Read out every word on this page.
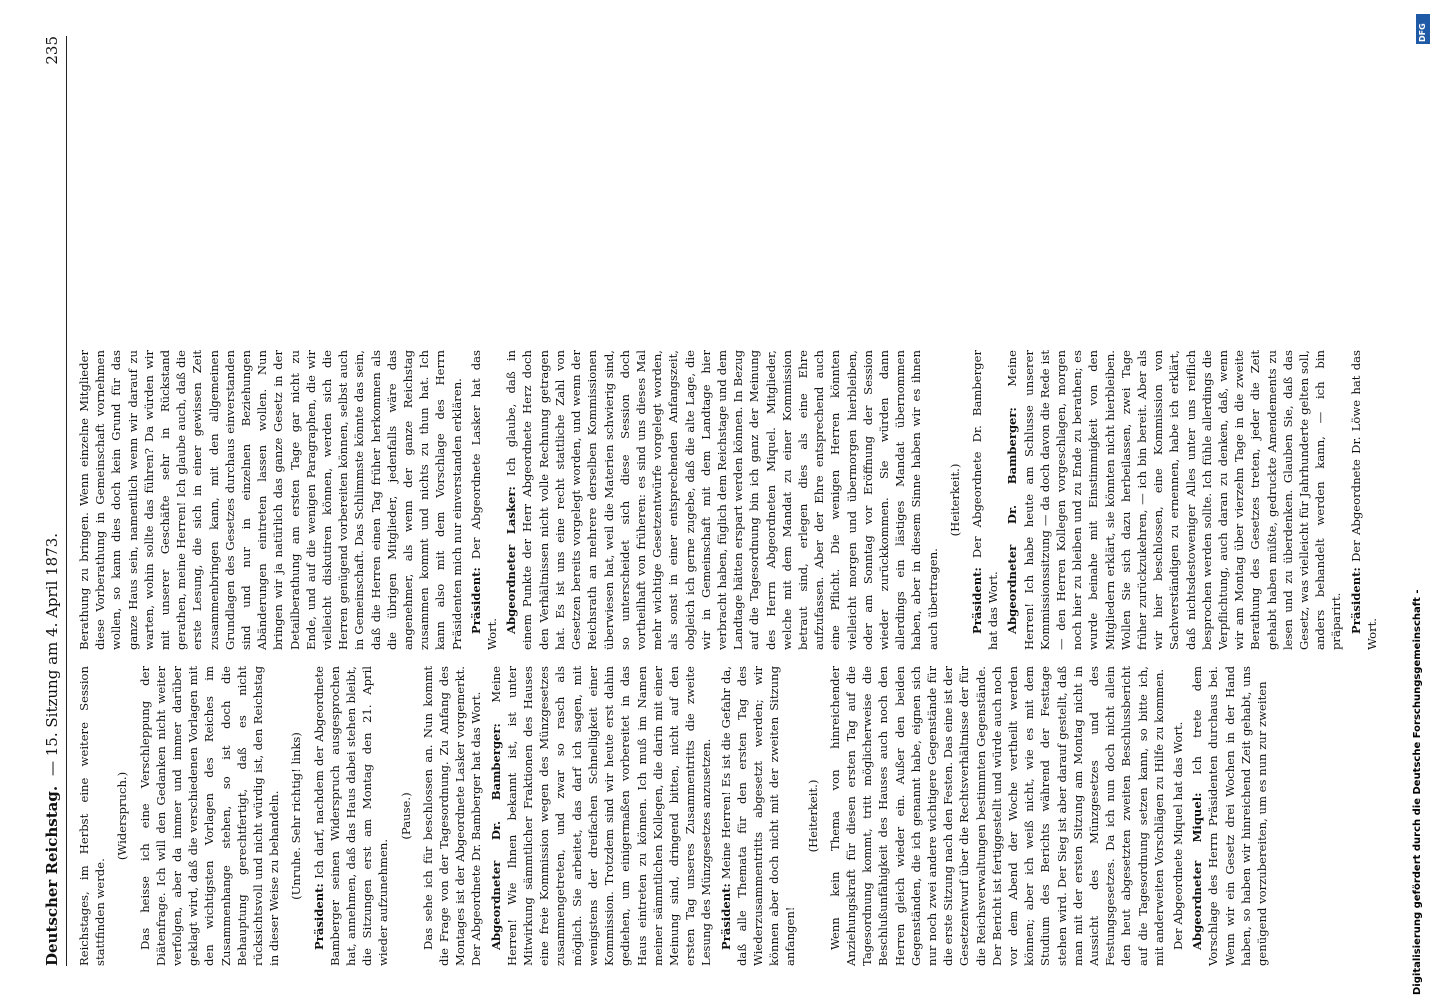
Deutscher Reichstag.
— 15. Sitzung am 4. April 1873.
235

Reichstages, im Herbst eine weitere Session stattfinden werde.

(Widerspruch.) Das heisse ich eine Verschleppung der Diätenfrage. Ich will den Gedanken nicht weiter verfolgen, aber da immer und immer darüber geklagt wird, daß die verschiedenen Vorlagen mit den wichtigsten Vorlagen des Reiches im Zusammenhange stehen, so ist doch die Behauptung gerechtfertigt, daß es nicht rücksichtsvoll und nicht würdig ist, den Reichstag in dieser Weise zu behandeln. (Unruhe. Sehr richtig! links)

Präsident: Ich darf, nachdem der Abgeordnete Bamberger seinen Widerspruch ausgesprochen hat, annehmen, daß das Haus dabei stehen bleibt, die Sitzungen erst am Montag den 21. April wieder aufzunehmen.

(Pause.) Das sehe ich für beschlossen an. Nun kommt die Frage von der Tagesordnung. Zu Anfang des Montages ist der Abgeordnete Lasker vorgemerkt. Der Abgeordnete Dr. Bamberger hat das Wort. Abgeordneter Dr. Bamberger: Meine Herren! Wie Ihnen bekannt ist, ist unter Mitwirkung sämmtlicher Fraktionen des Hauses eine freie Kommission wegen des Münzgesetzes zusammengetreten, und zwar so rasch als möglich. Sie arbeitet, das darf ich sagen, mit wenigstens der dreifachen Schnelligkeit einer Kommission. Trotzdem sind wir heute erst dahin gediehen, um einigermaßen vorbereitet in das Haus eintreten zu können. Ich muß im Namen meiner sämmtlichen Kollegen, die darin mit einer Meinung sind, dringend bitten, nicht auf den ersten Tag unseres Zusammentritts die zweite Lesung des Münzgesetzes anzusetzen. Präsident: Meine Herren! Es ist die Gefahr da, daß alle Themata für den ersten Tag des Wiederzusammentritts abgesetzt werden; wir können aber doch nicht mit der zweiten Sitzung anfangen!

(Heiterkeit.) Wenn kein Thema von hinreichender Anziehungskraft für diesen ersten Tag auf die Tagesordnung kommt, tritt möglicherweise die Beschlußunfähigkeit des Hauses auch noch den Herren gleich wieder ein. Außer den beiden Gegenständen, die ich genannt habe, eignen sich nur noch zwei andere wichtigere Gegenstände für die erste Sitzung nach den Festen. Das eine ist der Gesetzentwurf über die Rechtsverhältnisse der für die Reichsverwaltungen bestimmten Gegenstände. Der Bericht ist fertiggestellt und würde auch noch vor dem Abend der Woche vertheilt werden können; aber ich weiß nicht, wie es mit dem Studium des Berichts während der Festtage stehen wird. Der Sieg ist aber darauf gestellt, daß man mit der ersten Sitzung am Montag nicht in Aussicht des Münzgesetzes und des Festungsgesetzes. Da ich nun doch nicht allein den heut abgesetzten zweiten Beschlussbericht auf die Tagesordnung setzen kann, so bitte ich, mit anderweiten Vorschlägen zu Hilfe zu kommen. Der Abgeordnete Miquel hat das Wort. Abgeordneter Miquel: Ich trete dem Vorschlage des Herrn Präsidenten durchaus bei. Wenn wir ein Gesetz drei Wochen in der Hand haben, so haben wir hinreichend Zeit gehabt, uns genügend vorzubereiten, um es nun zur zweiten

Berathung zu bringen. Wenn einzelne Mitglieder diese Vorberathung in Gemeinschaft vornehmen wollen, so kann dies doch kein Grund für das ganze Haus sein, namentlich wenn wir darauf zu warten, wohin sollte das führen? Da würden wir mit unserer Geschäfte sehr in Rückstand gerathen, meine Herren! Ich glaube auch, daß die erste Lesung, die sich in einer gewissen Zeit zusammenbringen kann, mit den allgemeinen Grundlagen des Gesetzes durchaus einverstanden sind und nur in einzelnen Beziehungen Abänderungen eintreten lassen wollen. Nun bringen wir ja natürlich das ganze Gesetz in der Detailberathung am ersten Tage gar nicht zu Ende, und auf die wenigen Paragraphen, die wir vielleicht diskutiren können, werden sich die Herren genügend vorbereiten können, selbst auch in Gemeinschaft. Das Schlimmste könnte das sein, daß die Herren einen Tag früher herkommen als die übrigen Mitglieder, jedenfalls wäre das angenehmer, als wenn der ganze Reichstag zusammen kommt und nichts zu thun hat. Ich kann also mit dem Vorschlage des Herrn Präsidenten mich nur einverstanden erklären. Präsident: Der Abgeordnete Lasker hat das Wort. Abgeordneter Lasker: Ich glaube, daß in einem Punkte der Herr Abgeordnete Herz doch den Verhältnissen nicht volle Rechnung getragen hat. Es ist uns eine recht stattliche Zahl von Gesetzen bereits vorgelegt worden, und wenn der Reichsrath an mehrere derselben Kommissionen überwiesen hat, weil die Materien schwierig sind, so unterscheidet sich diese Session doch vortheilhaft von früheren: es sind uns dieses Mal mehr wichtige Gesetzentwürfe vorgelegt worden, als sonst in einer entsprechenden Anfangszeit, obgleich ich gerne zugebe, daß die alte Lage, die wir in Gemeinschaft mit dem Landtage hier verbracht haben, füglich dem Reichstage und dem Landtage hätten erspart werden können. In Bezug auf die Tagesordnung bin ich ganz der Meinung des Herrn Abgeordneten Miquel. Mitglieder, welche mit dem Mandat zu einer Kommission betraut sind, erlegen dies als eine Ehre aufzufassen. Aber der Ehre entsprechend auch eine Pflicht. Die wenigen Herren könnten vielleicht morgen und übermorgen hierbleiben, oder am Sonntag vor Eröffnung der Session wieder zurückkommen. Sie würden dann allerdings ein lästiges Mandat übernommen haben, aber in diesem Sinne haben wir es ihnen auch übertragen.

(Heiterkeit.)

Präsident: Der Abgeordnete Dr. Bamberger hat das Wort. Abgeordneter Dr. Bamberger: Meine Herren! Ich habe heute am Schlusse unserer Kommissionssitzung — da doch davon die Rede ist — den Herren Kollegen vorgeschlagen, morgen noch hier zu bleiben und zu Ende zu berathen; es wurde beinahe mit Einstimmigkeit von den Mitgliedern erklärt, sie könnten nicht hierbleiben. Wollen Sie sich dazu herbeilassen, zwei Tage früher zurückzukehren, — ich bin bereit. Aber als wir hier beschlossen, eine Kommission von Sachverständigen zu ernennen, habe ich erklärt, daß nichtsdestoweniger Alles unter uns reiflich besprochen werden sollte. Ich fühle allerdings die Verpflichtung, auch daran zu denken, daß, wenn wir am Montag über vierzehn Tage in die zweite Berathung des Gesetzes treten, jeder die Zeit gehabt haben müßte, gedruckte Amendements zu lesen und zu überdenken. Glauben Sie, daß das Gesetz, was vielleicht für Jahrhunderte gelten soll, anders behandelt werden kann, — ich bin präparirt. Präsident: Der Abgeordnete Dr. Löwe hat das Wort.

DFG
Digitalisierung gefördert durch die Deutsche Forschungsgemeinschaft -
